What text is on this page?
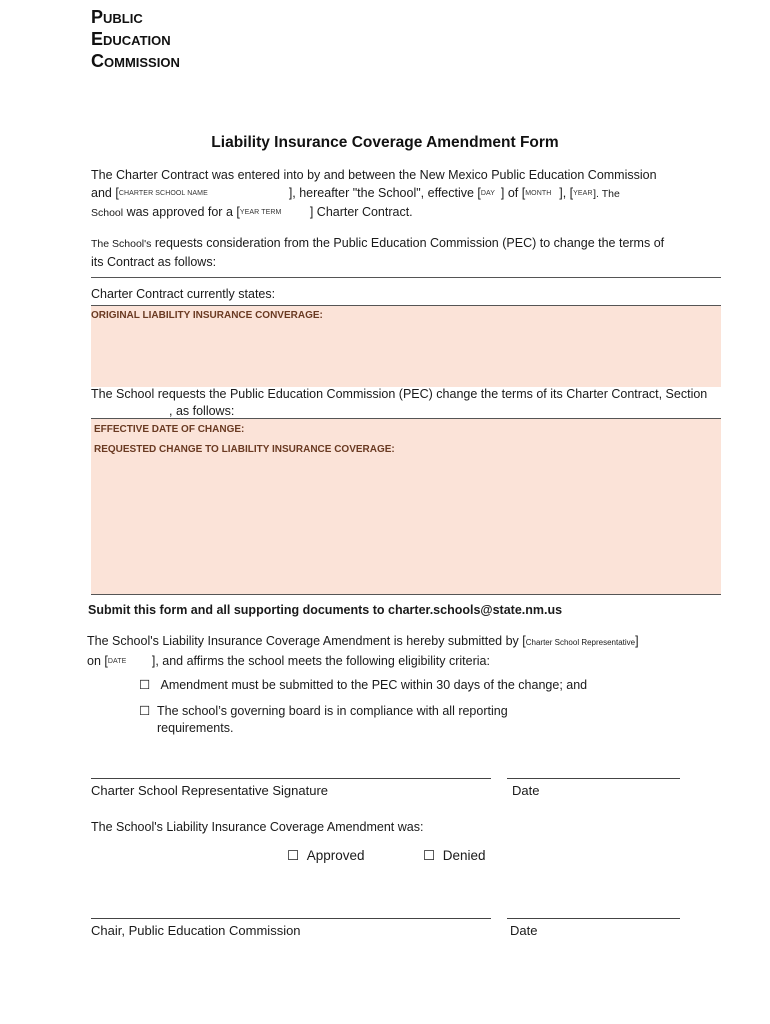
Public
Education
Commission
Liability Insurance Coverage Amendment Form
The Charter Contract was entered into by and between the New Mexico Public Education Commission
and [CHARTER SCHOOL NAME	], hereafter "the School", effective [DAY ] of [MONTH ], [YEAR]. The
School was approved for a [YEAR TERM ] Charter Contract.
The School's requests consideration from the Public Education Commission (PEC) to change the terms of its Contract as follows:
Charter Contract currently states:
ORIGINAL LIABILITY INSURANCE CONVERAGE:
The School requests the Public Education Commission (PEC) change the terms of its Charter Contract, Section
, as follows:
EFFECTIVE DATE OF CHANGE:
REQUESTED CHANGE TO LIABILITY INSURANCE COVERAGE:
Submit this form and all supporting documents to charter.schools@state.nm.us
The School's Liability Insurance Coverage Amendment is hereby submitted by [Charter School Representative]
on [DATE ], and affirms the school meets the following eligibility criteria:
☐ Amendment must be submitted to the PEC within 30 days of the change; and
☐ The school’s governing board is in compliance with all reporting requirements.
Charter School Representative Signature	Date
The School's Liability Insurance Coverage Amendment was:
☐ Approved	☐ Denied
Chair, Public Education Commission	Date
